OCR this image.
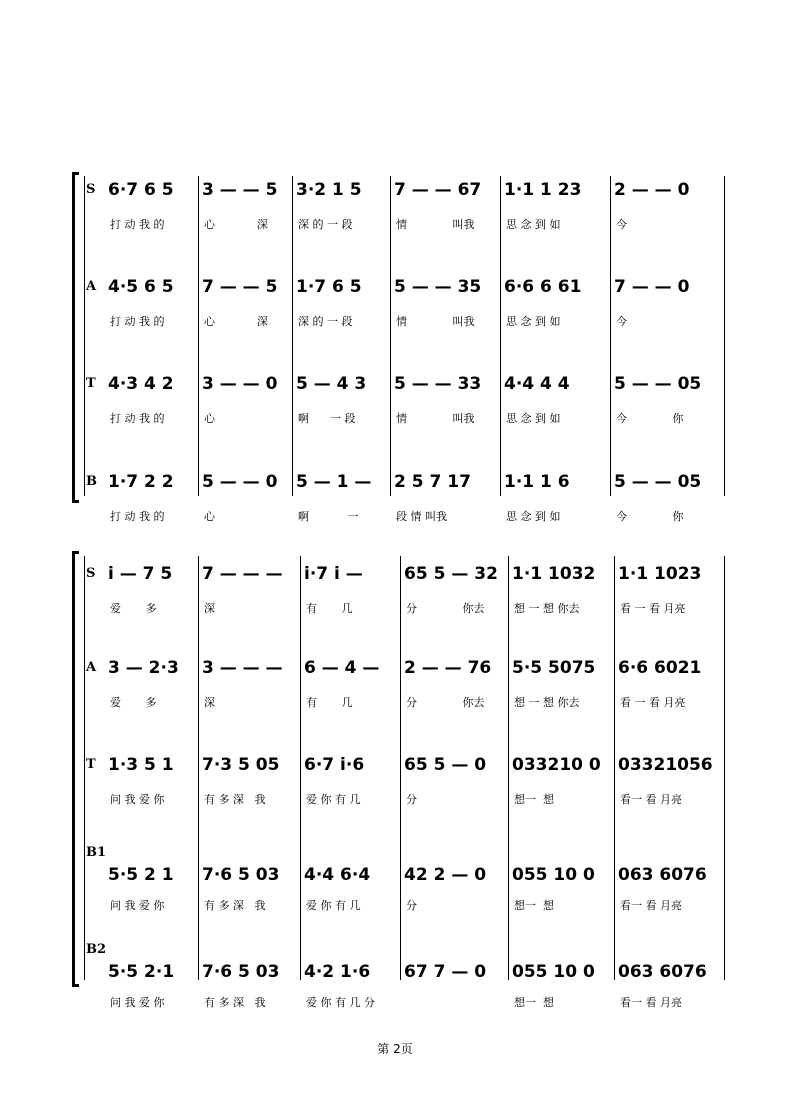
S 6·7 6 5
打 动 我 的
3 — — 5
心            深
3·2 1 5
深 的 一 段
7 — — 67
情             叫我
1·1 1 23
思 念 到 如
2 — — 0
今
A 4·5 6 5
打 动 我 的
7 — — 5
心            深
1·7 6 5
深 的 一 段
5 — — 35
情             叫我
6·6 6 61
思 念 到 如
7 — — 0
今
T 4·3 4 2
打 动 我 的
3 — — 0
心
5 — 4 3
啊      一 段
5 — — 33
情             叫我
4·4 4 4
思 念 到 如
5 — — 05
今             你
B 1·7 2 2
打 动 我 的
5 — — 0
心
5 — 1 —
啊           一
2 5 7 17
段 情 叫我
1·1 1 6
思 念 到 如
5 — — 05
今             你
S i — 7 5
爱       多
7 — — —
深
i·7 i —
有       几
65 5 — 32
分             你去
1·1 1032
想 一 想 你去
1·1 1023
看 一 看 月亮
A 3 — 2·3
爱       多
3 — — —
深
6 — 4 —
有       几
2 — — 76
分             你去
5·5 5075
想 一 想 你去
6·6 6021
看 一 看 月亮
T 1·3 5 1
问 我 爱 你
7·3 5 05
有 多 深   我
6·7 i·6
爱 你 有 几
65 5 — 0
分
033210 0
想一  想
03321056
看一 看 月亮
B1
5·5 2 1
问 我 爱 你
7·6 5 03
有 多 深   我
4·4 6·4
爱 你 有 几
42 2 — 0
分
055 10 0
想一  想
063 6076
看一 看 月亮
B2
5·5 2·1
问 我 爱 你
7·6 5 03
有 多 深   我
4·2 1·6
爱 你 有 几 分
67 7 — 0	055 10 0
想一  想
063 6076
看一 看 月亮
第 2页
